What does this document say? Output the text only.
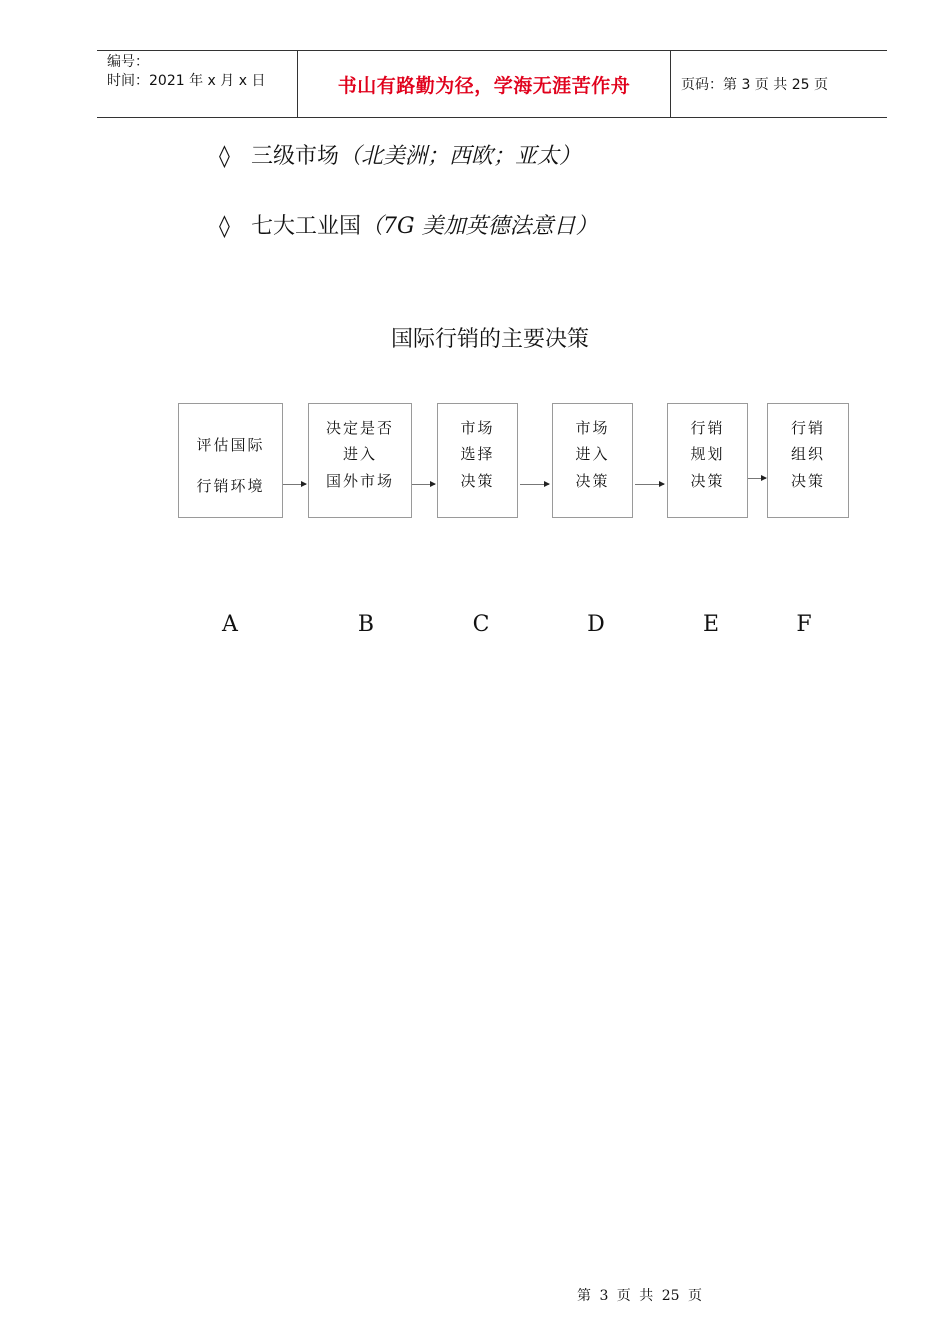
编号：
时间：2021 年 x 月 x 日	书山有路勤为径，学海无涯苦作舟	页码：第 3 页 共 25 页
◊ 三级市场（北美洲；西欧；亚太）
◊ 七大工业国（7G 美加英德法意日）
国际行销的主要决策
评估国际
行销环境
决定是否
进入
国外市场
市场
选择
决策
市场
进入
决策
行销
规划
决策
行销
组织
决策
A	B	C	D	E	F
第 3 页 共 25 页
